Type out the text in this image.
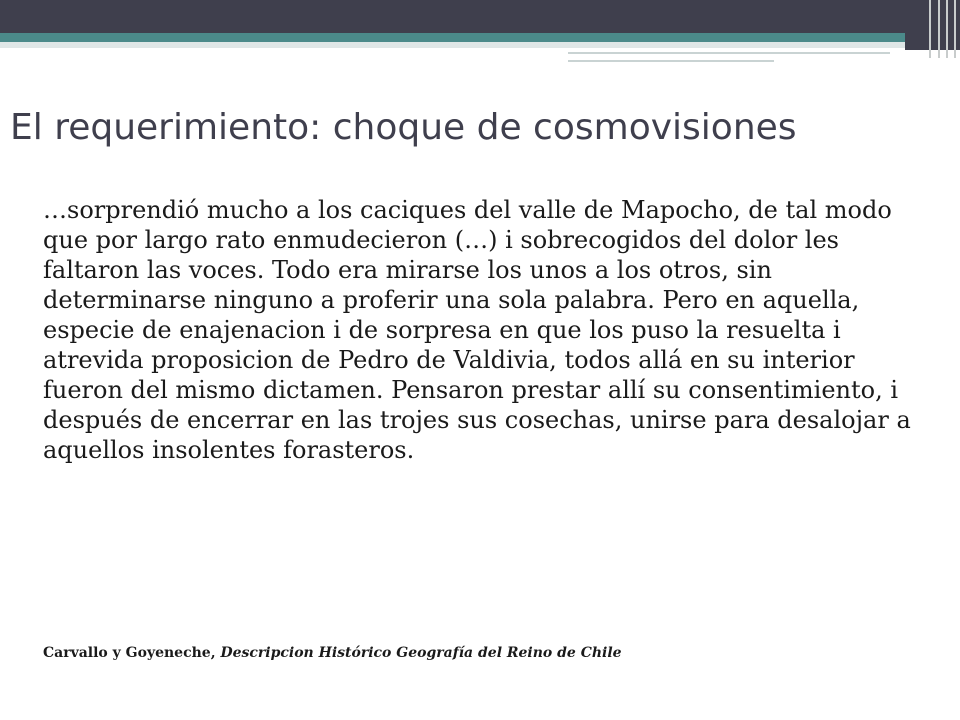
El requerimiento: choque de cosmovisiones

…sorprendió mucho a los caciques del valle de Mapocho, de tal modo que por largo rato enmudecieron (…) i sobrecogidos del dolor les faltaron las voces. Todo era mirarse los unos a los otros, sin determinarse ninguno a proferir una sola palabra. Pero en aquella, especie de enajenacion i de sorpresa en que los puso la resuelta i atrevida proposicion de Pedro de Valdivia, todos allá en su interior fueron del mismo dictamen. Pensaron prestar allí su consentimiento, i después de encerrar en las trojes sus cosechas, unirse para desalojar a aquellos insolentes forasteros.

Carvallo y Goyeneche, Descripcion Histórico Geografía del Reino de Chile
